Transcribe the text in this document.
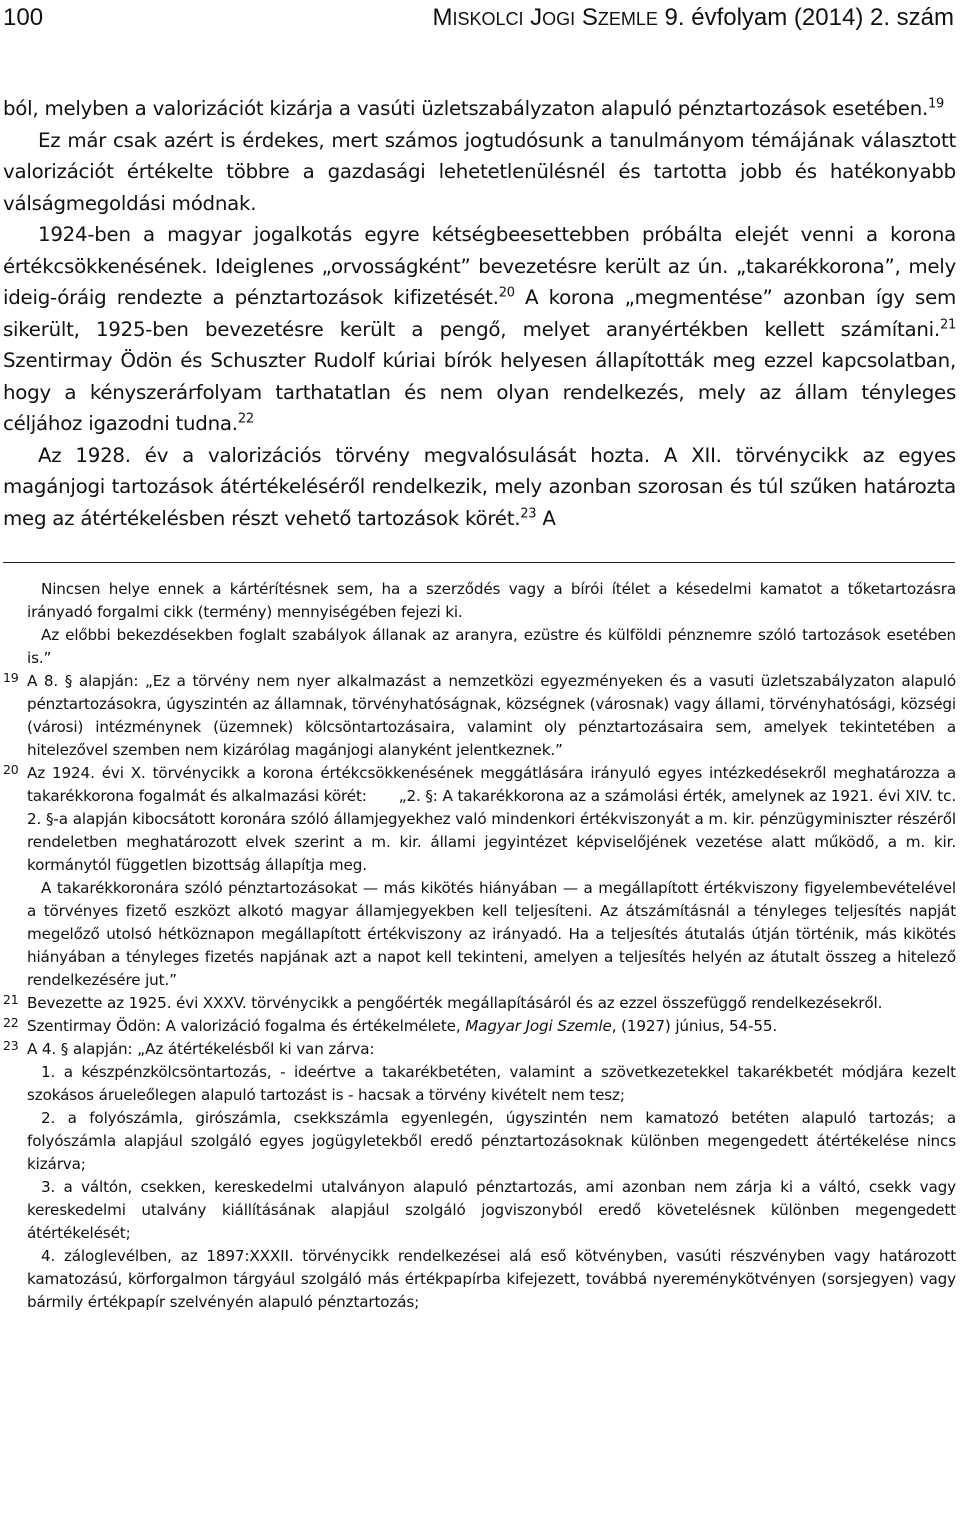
100	MISKOLCI JOGI SZEMLE 9. évfolyam (2014) 2. szám

ból, melyben a valorizációt kizárja a vasúti üzletszabályzaton alapuló pénztartozások esetében.$^{19}$

Ez már csak azért is érdekes, mert számos jogtudósunk a tanulmányom témájának választott valorizációt értékelte többre a gazdasági lehetetlenülésnél és tartotta jobb és hatékonyabb válságmegoldási módnak.

1924-ben a magyar jogalkotás egyre kétségbeesettebben próbálta elejét venni a korona értékcsökkenésének. Ideiglenes „orvosságként” bevezetésre került az ún. „takarékkorona”, mely ideig-óráig rendezte a pénztartozások kifizetését.$^{20}$ A korona „megmentése” azonban így sem sikerült, 1925-ben bevezetésre került a pengő, melyet aranyértékben kellett számítani.$^{21}$ Szentirmay Ödön és Schuszter Rudolf kúriai bírók helyesen állapították meg ezzel kapcsolatban, hogy a kényszerárfolyam tarthatatlan és nem olyan rendelkezés, mely az állam tényleges céljához igazodni tudna.$^{22}$

Az 1928. év a valorizációs törvény megvalósulását hozta. A XII. törvénycikk az egyes magánjogi tartozások átértékeléséről rendelkezik, mely azonban szorosan és túl szűken határozta meg az átértékelésben részt vehető tartozások körét.$^{23}$ A

Nincsen helye ennek a kártérítésnek sem, ha a szerződés vagy a bírói ítélet a késedelmi kamatot a tőketartozásra irányadó forgalmi cikk (termény) mennyiségében fejezi ki.

Az előbbi bekezdésekben foglalt szabályok állanak az aranyra, ezüstre és külföldi pénznemre szóló tartozások esetében is.”

19 A 8. § alapján: „Ez a törvény nem nyer alkalmazást a nemzetközi egyezményeken és a vasuti üzletszabályzaton alapuló pénztartozásokra, úgyszintén az államnak, törvényhatóságnak, községnek (városnak) vagy állami, törvényhatósági, községi (városi) intézménynek (üzemnek) kölcsöntartozásaira, valamint oly pénztartozásaira sem, amelyek tekintetében a hitelezővel szemben nem kizárólag magánjogi alanyként jelentkeznek.”

20 Az 1924. évi X. törvénycikk a korona értékcsökkenésének meggátlására irányuló egyes intézkedésekről meghatározza a takarékkorona fogalmát és alkalmazási körét: „2. §: A takarékkorona az a számolási érték, amelynek az 1921. évi XIV. tc. 2. §-a alapján kibocsátott koronára szóló államjegyekhez való mindenkori értékviszonyát a m. kir. pénzügyminiszter részéről rendeletben meghatározott elvek szerint a m. kir. állami jegyintézet képviselőjének vezetése alatt működő, a m. kir. kormánytól független bizottság állapítja meg.

A takarékkoronára szóló pénztartozásokat — más kikötés hiányában — a megállapított értékviszony figyelembevételével a törvényes fizető eszközt alkotó magyar államjegyekben kell teljesíteni. Az átszámításnál a tényleges teljesítés napját megelőző utolsó hétköznapon megállapított értékviszony az irányadó. Ha a teljesítés átutalás útján történik, más kikötés hiányában a tényleges fizetés napjának azt a napot kell tekinteni, amelyen a teljesítés helyén az átutalt összeg a hitelező rendelkezésére jut.”

21 Bevezette az 1925. évi XXXV. törvénycikk a pengőérték megállapításáról és az ezzel összefüggő rendelkezésekről.

22 Szentirmay Ödön: A valorizáció fogalma és értékelmélete, Magyar Jogi Szemle, (1927) június, 54-55.

23 A 4. § alapján: „Az átértékelésből ki van zárva:

1. a készpénzkölcsöntartozás, - ideértve a takarékbetéten, valamint a szövetkezetekkel takarékbetét módjára kezelt szokásos árueleőlegen alapuló tartozást is - hacsak a törvény kivételt nem tesz;

2. a folyószámla, girószámla, csekkszámla egyenlegén, úgyszintén nem kamatozó betéten alapuló tartozás; a folyószámla alapjául szolgáló egyes jogügyletekből eredő pénztartozásoknak különben megengedett átértékelése nincs kizárva;

3. a váltón, csekken, kereskedelmi utalványon alapuló pénztartozás, ami azonban nem zárja ki a váltó, csekk vagy kereskedelmi utalvány kiállításának alapjául szolgáló jogviszonyból eredő követelésnek különben megengedett átértékelését;

4. záloglevélben, az 1897:XXXII. törvénycikk rendelkezései alá eső kötvényben, vasúti részvényben vagy határozott kamatozású, körforgalmon tárgyául szolgáló más értékpapírba kifejezett, továbbá nyereménykötvényen (sorsjegyen) vagy bármily értékpapír szelvényén alapuló pénztartozás;
